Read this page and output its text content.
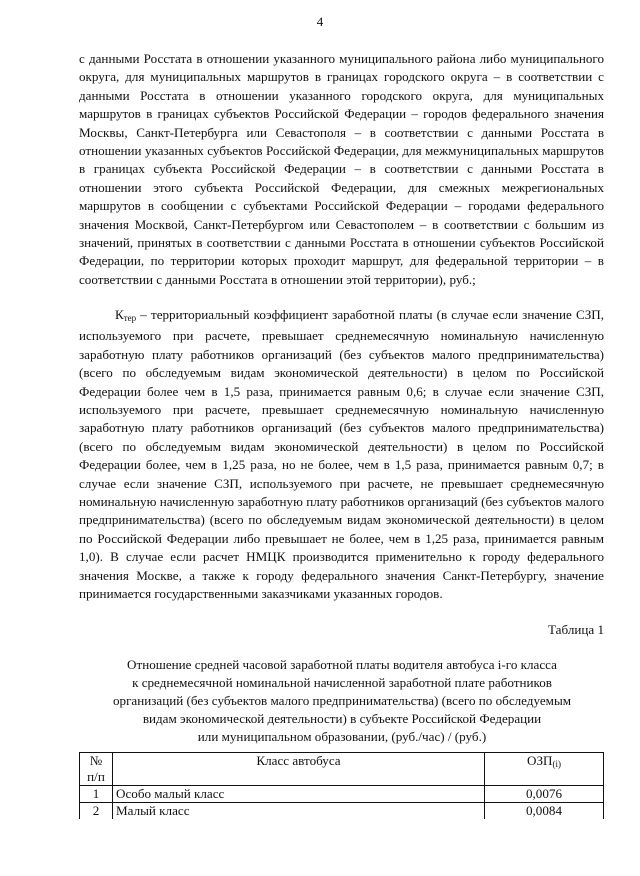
4

с данными Росстата в отношении указанного муниципального района либо муниципального округа, для муниципальных маршрутов в границах городского округа – в соответствии с данными Росстата в отношении указанного городского округа, для муниципальных маршрутов в границах субъектов Российской Федерации – городов федерального значения Москвы, Санкт-Петербурга или Севастополя – в соответствии с данными Росстата в отношении указанных субъектов Российской Федерации, для межмуниципальных маршрутов в границах субъекта Российской Федерации – в соответствии с данными Росстата в отношении этого субъекта Российской Федерации, для смежных межрегиональных маршрутов в сообщении с субъектами Российской Федерации – городами федерального значения Москвой, Санкт-Петербургом или Севастополем – в соответствии с большим из значений, принятых в соответствии с данными Росстата в отношении субъектов Российской Федерации, по территории которых проходит маршрут, для федеральной территории – в соответствии с данными Росстата в отношении этой территории), руб.;

$К_{тер}$ – территориальный коэффициент заработной платы (в случае если значение СЗП, используемого при расчете, превышает среднемесячную номинальную начисленную заработную плату работников организаций (без субъектов малого предпринимательства) (всего по обследуемым видам экономической деятельности) в целом по Российской Федерации более чем в 1,5 раза, принимается равным 0,6; в случае если значение СЗП, используемого при расчете, превышает среднемесячную номинальную начисленную заработную плату работников организаций (без субъектов малого предпринимательства) (всего по обследуемым видам экономической деятельности) в целом по Российской Федерации более, чем в 1,25 раза, но не более, чем в 1,5 раза, принимается равным 0,7; в случае если значение СЗП, используемого при расчете, не превышает среднемесячную номинальную начисленную заработную плату работников организаций (без субъектов малого предпринимательства) (всего по обследуемым видам экономической деятельности) в целом по Российской Федерации либо превышает не более, чем в 1,25 раза, принимается равным 1,0). В случае если расчет НМЦК производится применительно к городу федерального значения Москве, а также к городу федерального значения Санкт-Петербургу, значение принимается государственными заказчиками указанных городов.

Таблица 1
Отношение средней часовой заработной платы водителя автобуса i-го класса
к среднемесячной номинальной начисленной заработной плате работников
организаций (без субъектов малого предпринимательства) (всего по обследуемым
видам экономической деятельности) в субъекте Российской Федерации
или муниципальном образовании, (руб./час) / (руб.)
№
п/п	Класс автобуса	$ОЗП_{(i)}$
1	Особо малый класс	0,0076
2	Малый класс	0,0084
